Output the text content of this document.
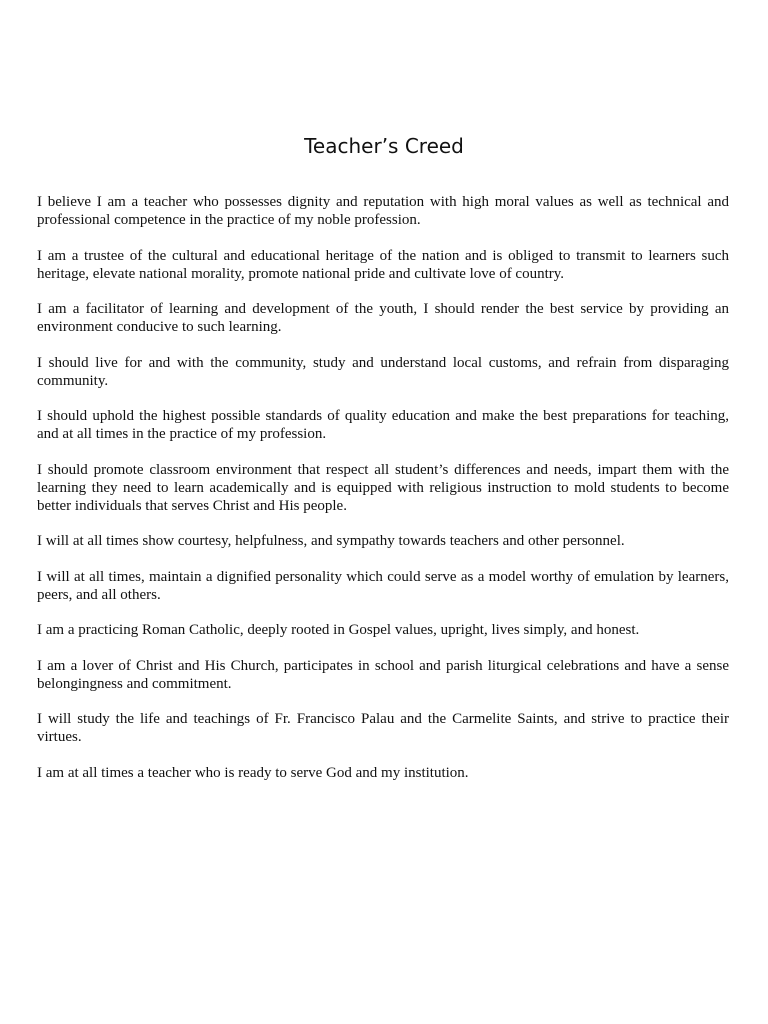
Teacher’s Creed

I believe I am a teacher who possesses dignity and reputation with high moral values as well as technical and professional competence in the practice of my noble profession.

I am a trustee of the cultural and educational heritage of the nation and is obliged to transmit to learners such heritage, elevate national morality, promote national pride and cultivate love of country.

I am a facilitator of learning and development of the youth, I should render the best service by providing an environment conducive to such learning.

I should live for and with the community, study and understand local customs, and refrain from disparaging community.

I should uphold the highest possible standards of quality education and make the best preparations for teaching, and at all times in the practice of my profession.

I should promote classroom environment that respect all student’s differences and needs, impart them with the learning they need to learn academically and is equipped with religious instruction to mold students to become better individuals that serves Christ and His people.

I will at all times show courtesy, helpfulness, and sympathy towards teachers and other personnel.

I will at all times, maintain a dignified personality which could serve as a model worthy of emulation by learners, peers, and all others.

I am a practicing Roman Catholic, deeply rooted in Gospel values, upright, lives simply, and honest.

I am a lover of Christ and His Church, participates in school and parish liturgical celebrations and have a sense belongingness and commitment.

I will study the life and teachings of Fr. Francisco Palau and the Carmelite Saints, and strive to practice their virtues.

I am at all times a teacher who is ready to serve God and my institution.
